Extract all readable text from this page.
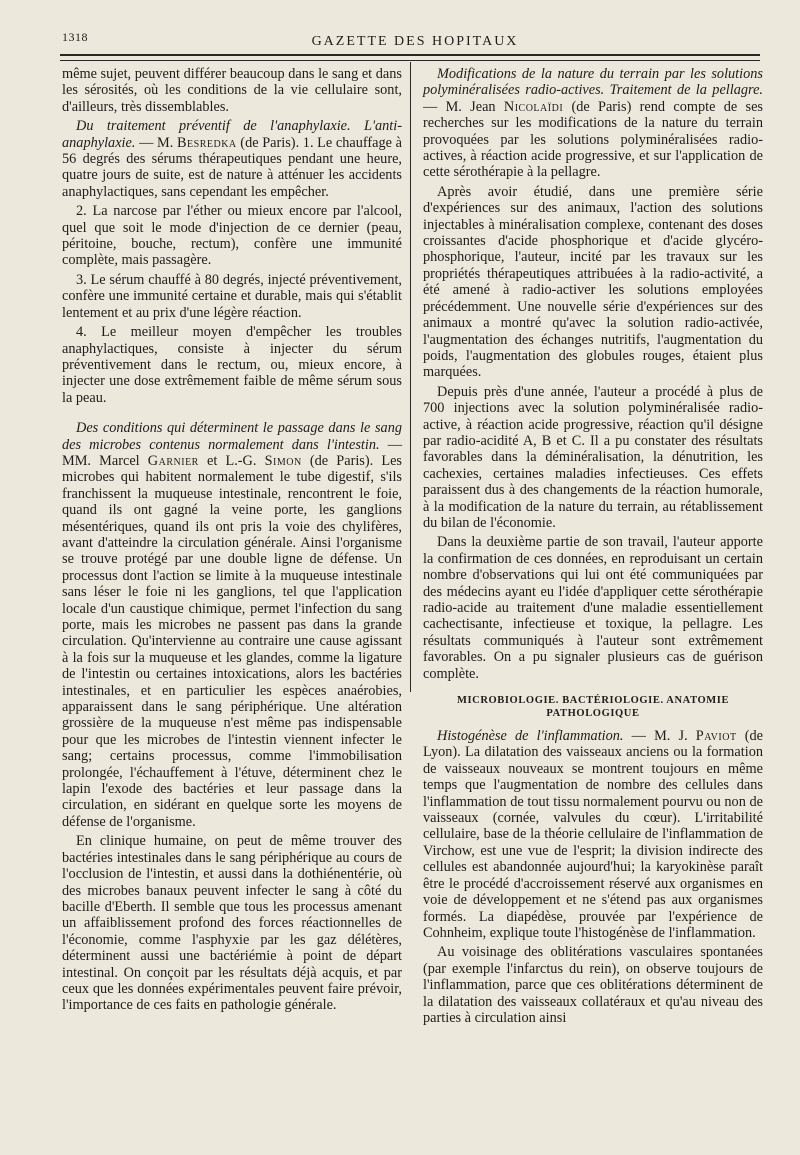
1318	GAZETTE DES HOPITAUX

même sujet, peuvent différer beaucoup dans le sang et dans les sérosités, où les conditions de la vie cellulaire sont, d'ailleurs, très dissemblables.

Du traitement préventif de l'anaphylaxie. L'anti-anaphylaxie. — M. Besredka (de Paris). 1. Le chauffage à 56 degrés des sérums thérapeutiques pendant une heure, quatre jours de suite, est de nature à atténuer les accidents anaphylactiques, sans cependant les empêcher.

2. La narcose par l'éther ou mieux encore par l'alcool, quel que soit le mode d'injection de ce dernier (peau, péritoine, bouche, rectum), confère une immunité complète, mais passagère.

3. Le sérum chauffé à 80 degrés, injecté préventivement, confère une immunité certaine et durable, mais qui s'établit lentement et au prix d'une légère réaction.

4. Le meilleur moyen d'empêcher les troubles anaphylactiques, consiste à injecter du sérum préventivement dans le rectum, ou, mieux encore, à injecter une dose extrêmement faible de même sérum sous la peau.

Des conditions qui déterminent le passage dans le sang des microbes contenus normalement dans l'intestin. — MM. Marcel Garnier et L.-G. Simon (de Paris). Les microbes qui habitent normalement le tube digestif, s'ils franchissent la muqueuse intestinale, rencontrent le foie, quand ils ont gagné la veine porte, les ganglions mésentériques, quand ils ont pris la voie des chylifères, avant d'atteindre la circulation générale. Ainsi l'organisme se trouve protégé par une double ligne de défense. Un processus dont l'action se limite à la muqueuse intestinale sans léser le foie ni les ganglions, tel que l'application locale d'un caustique chimique, permet l'infection du sang porte, mais les microbes ne passent pas dans la grande circulation. Qu'intervienne au contraire une cause agissant à la fois sur la muqueuse et les glandes, comme la ligature de l'intestin ou certaines intoxications, alors les bactéries intestinales, et en particulier les espèces anaérobies, apparaissent dans le sang périphérique. Une altération grossière de la muqueuse n'est même pas indispensable pour que les microbes de l'intestin viennent infecter le sang; certains processus, comme l'immobilisation prolongée, l'échauffement à l'étuve, déterminent chez le lapin l'exode des bactéries et leur passage dans la circulation, en sidérant en quelque sorte les moyens de défense de l'organisme.

En clinique humaine, on peut de même trouver des bactéries intestinales dans le sang périphérique au cours de l'occlusion de l'intestin, et aussi dans la dothiénentérie, où des microbes banaux peuvent infecter le sang à côté du bacille d'Eberth. Il semble que tous les processus amenant un affaiblissement profond des forces réactionnelles de l'économie, comme l'asphyxie par les gaz délétères, déterminent aussi une bactériémie à point de départ intestinal. On conçoit par les résultats déjà acquis, et par ceux que les données expérimentales peuvent faire prévoir, l'importance de ces faits en pathologie générale.

Modifications de la nature du terrain par les solutions polyminéralisées radio-actives. Traitement de la pellagre. — M. Jean Nicolaïdi (de Paris) rend compte de ses recherches sur les modifications de la nature du terrain provoquées par les solutions polyminéralisées radio-actives, à réaction acide progressive, et sur l'application de cette sérothérapie à la pellagre.

Après avoir étudié, dans une première série d'expériences sur des animaux, l'action des solutions injectables à minéralisation complexe, contenant des doses croissantes d'acide phosphorique et d'acide glycéro-phosphorique, l'auteur, incité par les travaux sur les propriétés thérapeutiques attribuées à la radio-activité, a été amené à radio-activer les solutions employées précédemment. Une nouvelle série d'expériences sur des animaux a montré qu'avec la solution radio-activée, l'augmentation des échanges nutritifs, l'augmentation du poids, l'augmentation des globules rouges, étaient plus marquées.

Depuis près d'une année, l'auteur a procédé à plus de 700 injections avec la solution polyminéralisée radio-active, à réaction acide progressive, réaction qu'il désigne par radio-acidité A, B et C. Il a pu constater des résultats favorables dans la déminéralisation, la dénutrition, les cachexies, certaines maladies infectieuses. Ces effets paraissent dus à des changements de la réaction humorale, à la modification de la nature du terrain, au rétablissement du bilan de l'économie.

Dans la deuxième partie de son travail, l'auteur apporte la confirmation de ces données, en reproduisant un certain nombre d'observations qui lui ont été communiquées par des médecins ayant eu l'idée d'appliquer cette sérothérapie radio-acide au traitement d'une maladie essentiellement cachectisante, infectieuse et toxique, la pellagre. Les résultats communiqués à l'auteur sont extrêmement favorables. On a pu signaler plusieurs cas de guérison complète.

MICROBIOLOGIE. BACTÉRIOLOGIE. ANATOMIE
PATHOLOGIQUE

Histogénèse de l'inflammation. — M. J. Paviot (de Lyon). La dilatation des vaisseaux anciens ou la formation de vaisseaux nouveaux se montrent toujours en même temps que l'augmentation de nombre des cellules dans l'inflammation de tout tissu normalement pourvu ou non de vaisseaux (cornée, valvules du cœur). L'irritabilité cellulaire, base de la théorie cellulaire de l'inflammation de Virchow, est une vue de l'esprit; la division indirecte des cellules est abandonnée aujourd'hui; la karyokinèse paraît être le procédé d'accroissement réservé aux organismes en voie de développement et ne s'étend pas aux organismes formés. La diapédèse, prouvée par l'expérience de Cohnheim, explique toute l'histogénèse de l'inflammation.

Au voisinage des oblitérations vasculaires spontanées (par exemple l'infarctus du rein), on observe toujours de l'inflammation, parce que ces oblitérations déterminent de la dilatation des vaisseaux collatéraux et qu'au niveau des parties à circulation ainsi
